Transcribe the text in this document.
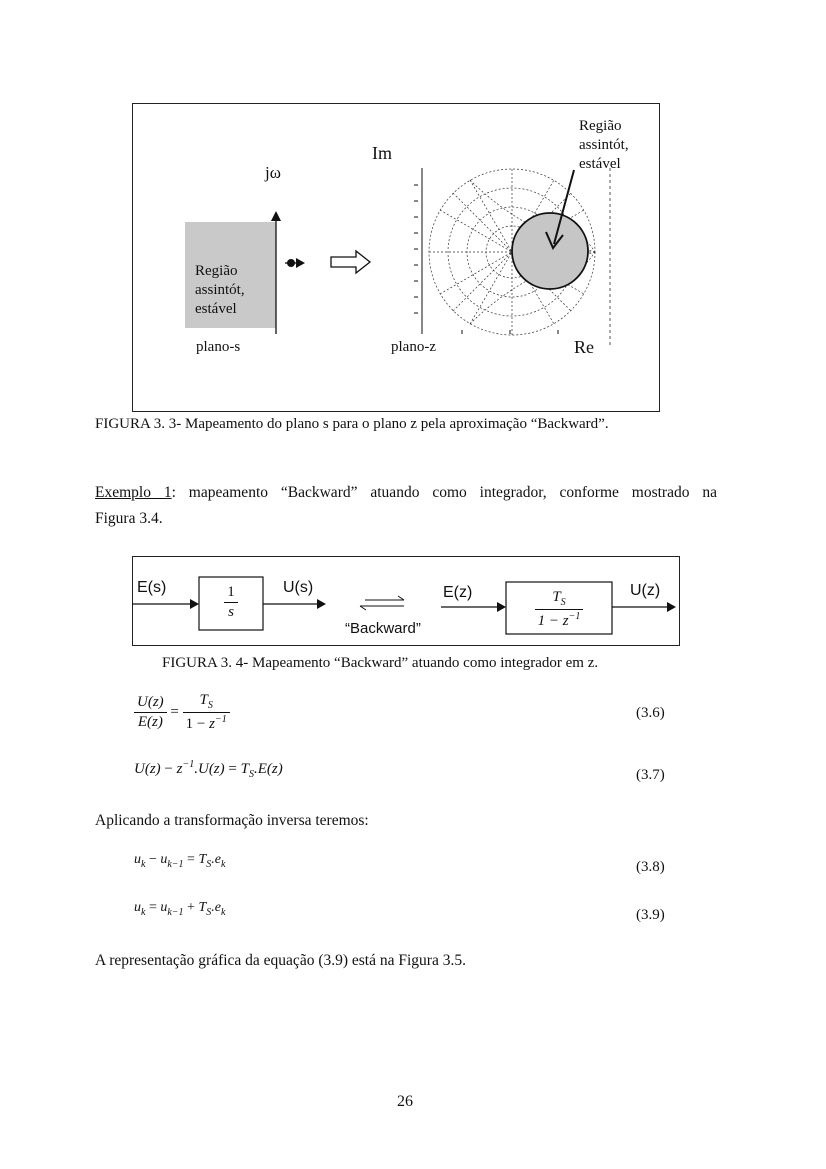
jω
Im
Re
Região
assintót,
estável
Região
assintót,
estável
plano-s	plano-z
FIGURA 3. 3- Mapeamento do plano s para o plano z pela aproximação “Backward”.
Exemplo 1: mapeamento “Backward” atuando como integrador, conforme mostrado na
Figura 3.4.
E(s)	U(s)	E(z)	U(z)
“Backward”
$\frac{1}{s}$	$\frac{T_S}{1 - z^{-1}}$
FIGURA 3. 4- Mapeamento “Backward” atuando como integrador em z.
$\frac{U(z)}{E(z)} = \frac{T_S}{1 - z^{-1}}$	(3.6)
$U(z) - z^{-1}.U(z) = T_S.E(z)$	(3.7)
Aplicando a transformação inversa teremos:
$u_k - u_{k-1} = T_S.e_k$	(3.8)
$u_k = u_{k-1} + T_S.e_k$	(3.9)
A representação gráfica da equação (3.9) está na Figura 3.5.
26
